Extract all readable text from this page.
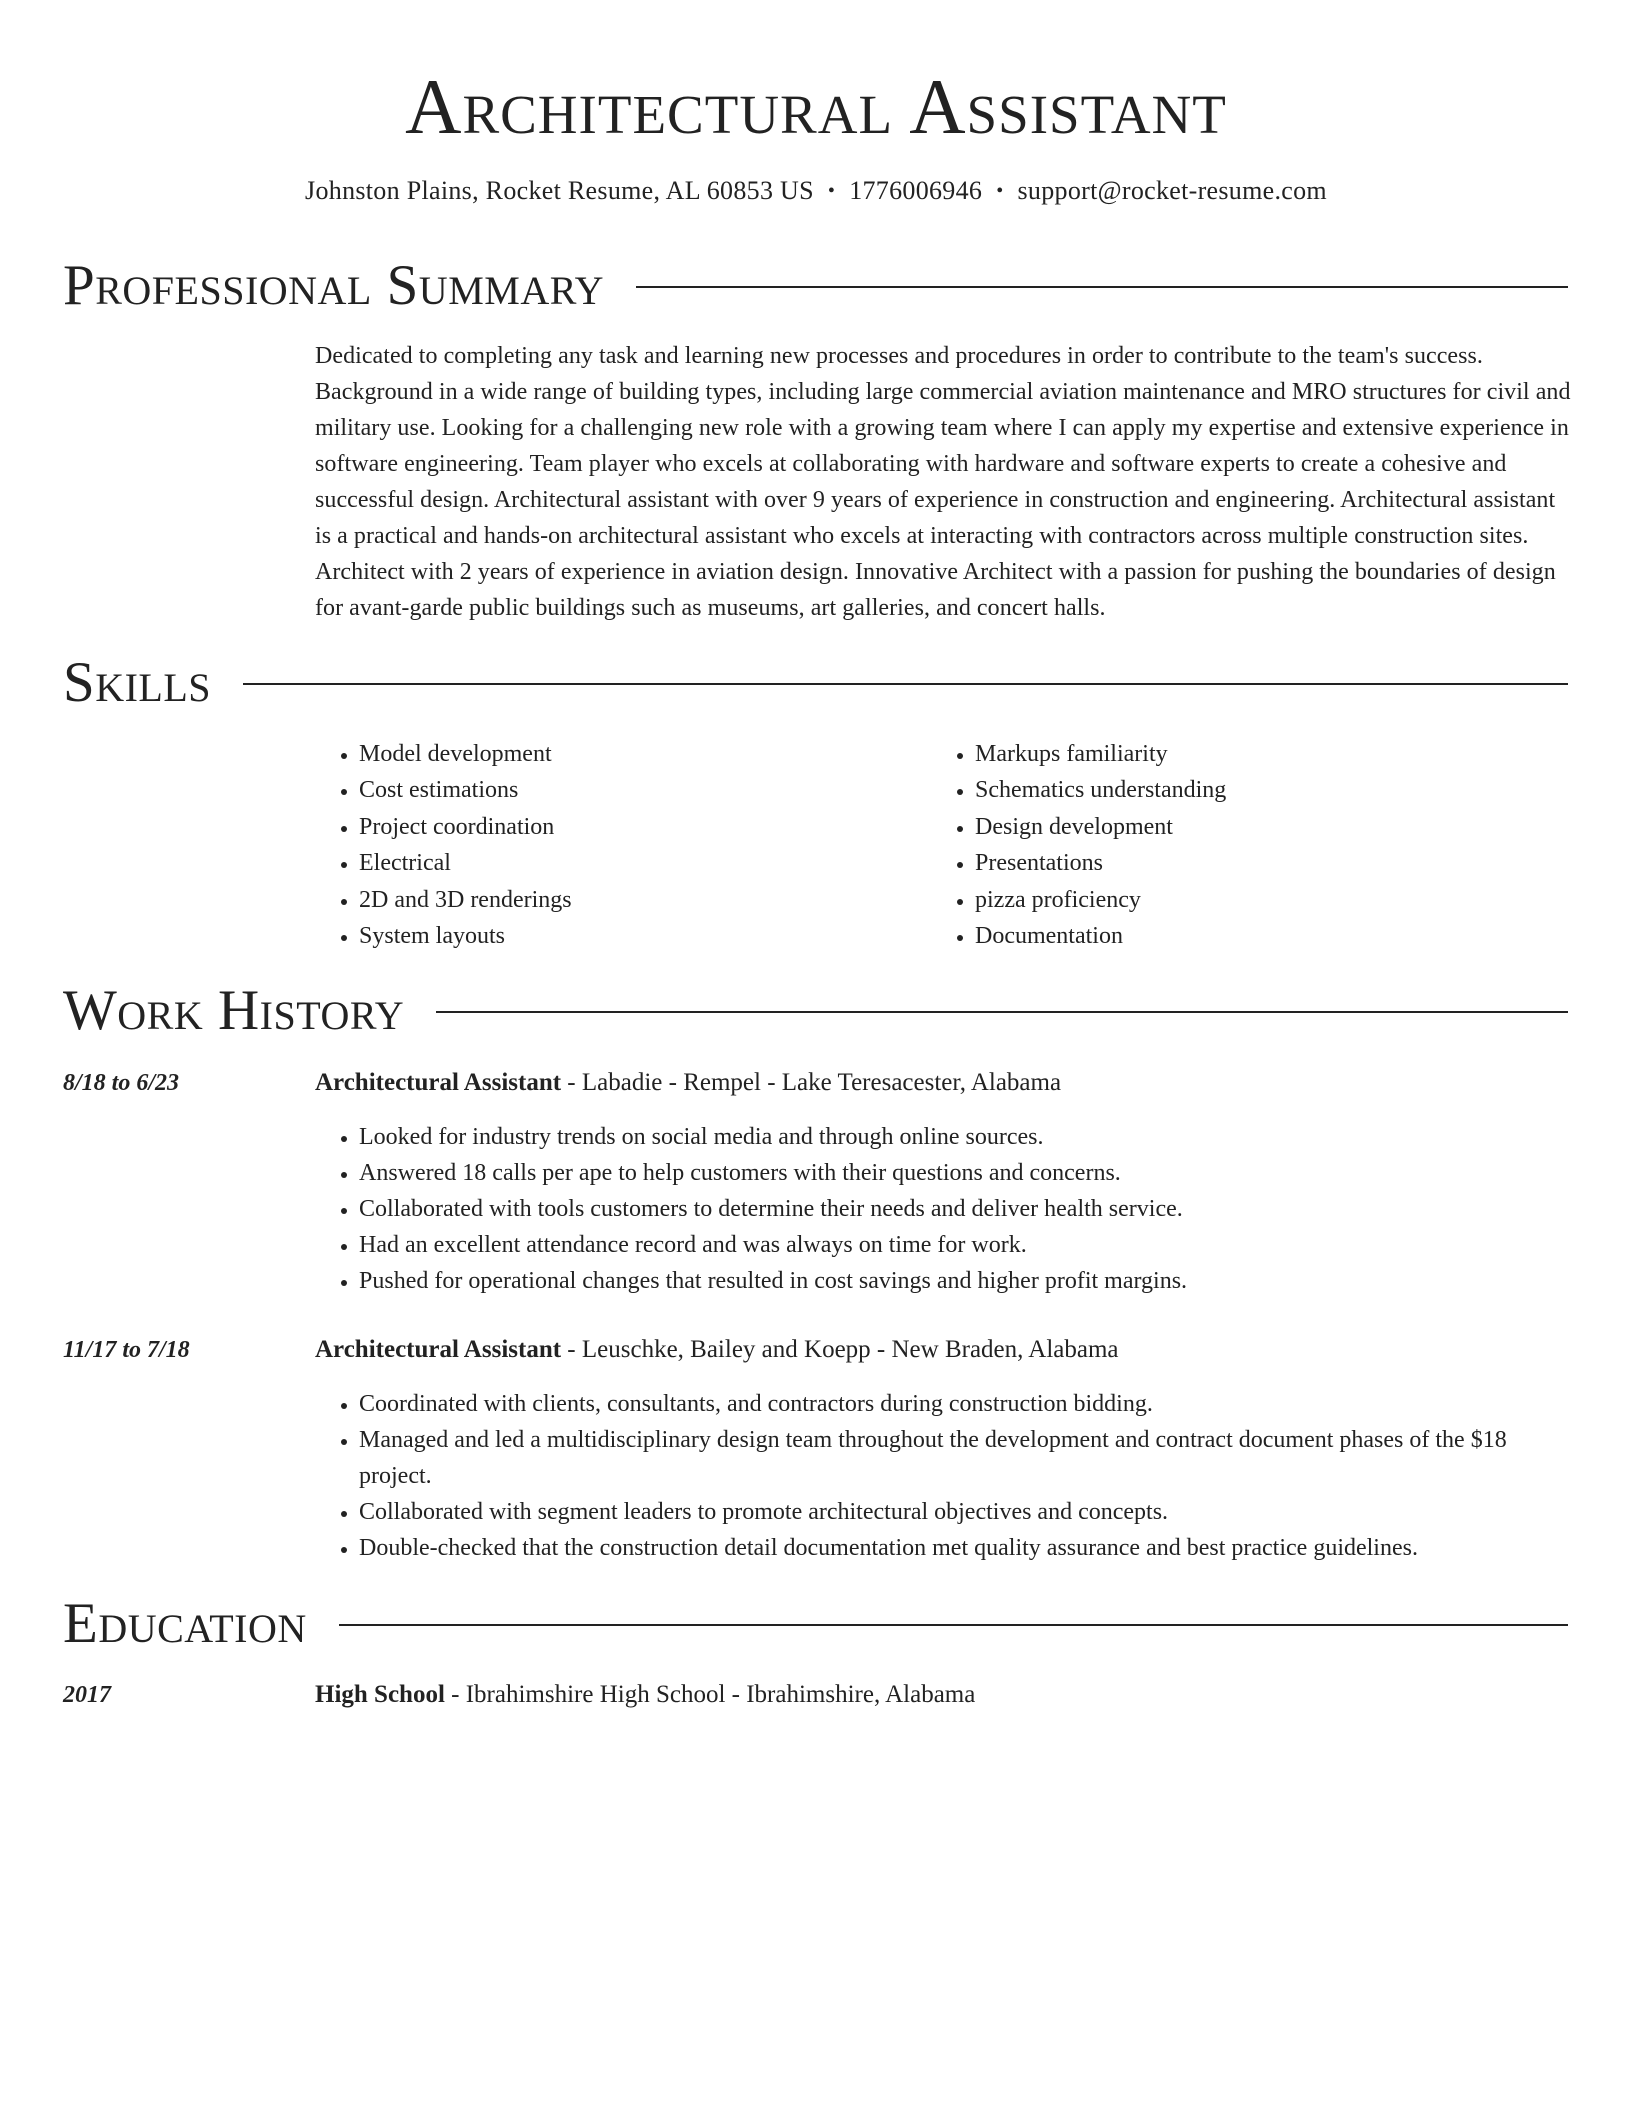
Architectural Assistant
Johnston Plains, Rocket Resume, AL 60853 US • 1776006946 • support@rocket-resume.com
Professional Summary

Dedicated to completing any task and learning new processes and procedures in order to contribute to the team's success. Background in a wide range of building types, including large commercial aviation maintenance and MRO structures for civil and military use. Looking for a challenging new role with a growing team where I can apply my expertise and extensive experience in software engineering. Team player who excels at collaborating with hardware and software experts to create a cohesive and successful design. Architectural assistant with over 9 years of experience in construction and engineering. Architectural assistant is a practical and hands-on architectural assistant who excels at interacting with contractors across multiple construction sites. Architect with 2 years of experience in aviation design. Innovative Architect with a passion for pushing the boundaries of design for avant-garde public buildings such as museums, art galleries, and concert halls.

Skills
• Model development
• Cost estimations
• Project coordination
• Electrical
• 2D and 3D renderings
• System layouts
• Markups familiarity
• Schematics understanding
• Design development
• Presentations
• pizza proficiency
• Documentation
Work History
8/18 to 6/23	Architectural Assistant - Labadie - Rempel - Lake Teresacester, Alabama
• Looked for industry trends on social media and through online sources.
• Answered 18 calls per ape to help customers with their questions and concerns.
• Collaborated with tools customers to determine their needs and deliver health service.
• Had an excellent attendance record and was always on time for work.
• Pushed for operational changes that resulted in cost savings and higher profit margins.
11/17 to 7/18	Architectural Assistant - Leuschke, Bailey and Koepp - New Braden, Alabama
• Coordinated with clients, consultants, and contractors during construction bidding.
• Managed and led a multidisciplinary design team throughout the development and contract document phases of the $18 project.
• Collaborated with segment leaders to promote architectural objectives and concepts.
• Double-checked that the construction detail documentation met quality assurance and best practice guidelines.
Education
2017	High School - Ibrahimshire High School - Ibrahimshire, Alabama
